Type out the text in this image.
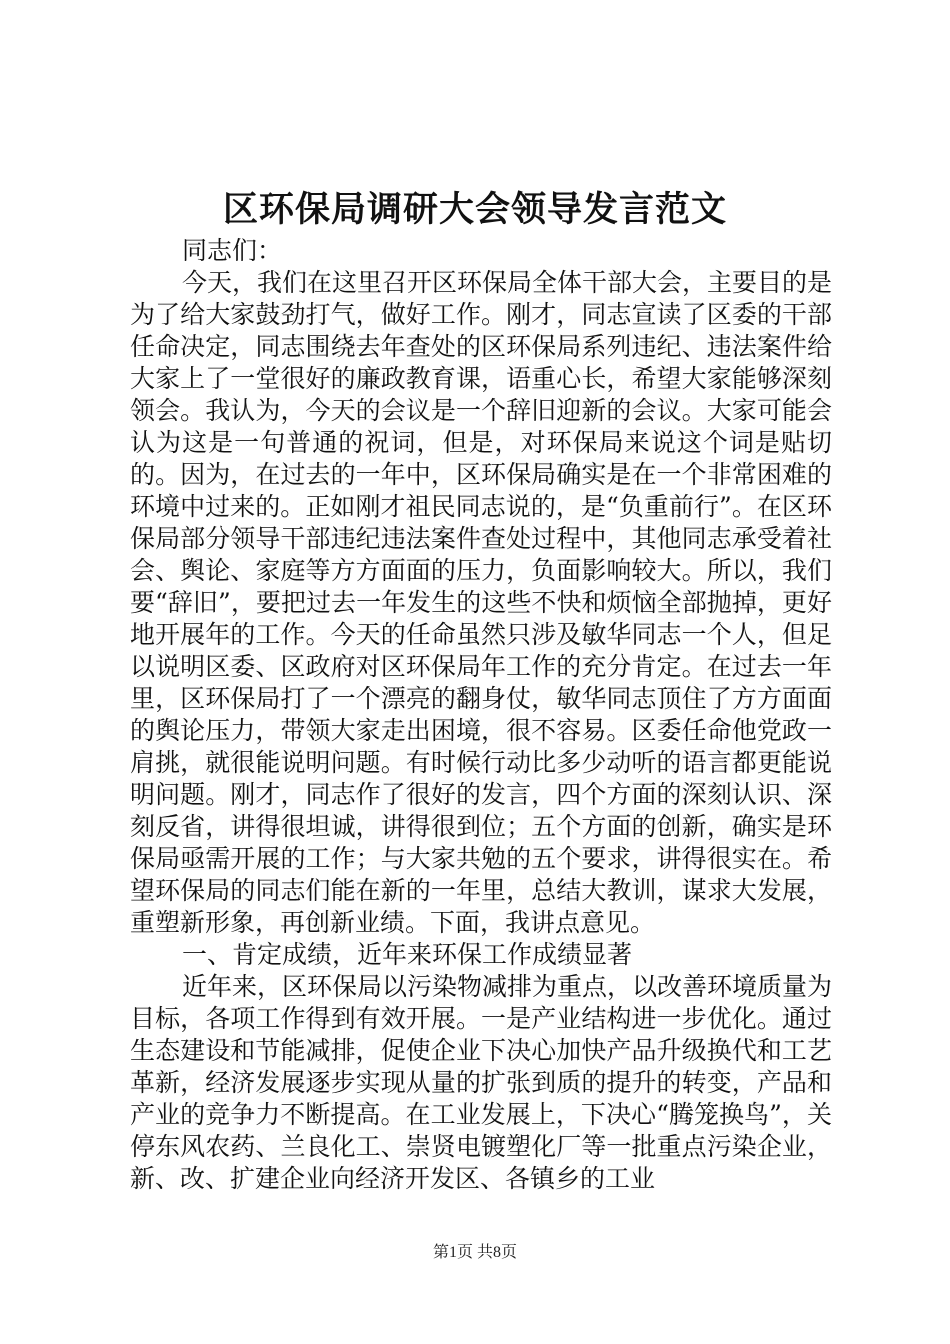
区环保局调研大会领导发言范文

同志们：

今天，我们在这里召开区环保局全体干部大会，主要目的是为了给大家鼓劲打气，做好工作。刚才，同志宣读了区委的干部任命决定，同志围绕去年查处的区环保局系列违纪、违法案件给大家上了一堂很好的廉政教育课，语重心长，希望大家能够深刻领会。我认为，今天的会议是一个辞旧迎新的会议。大家可能会认为这是一句普通的祝词，但是，对环保局来说这个词是贴切的。因为，在过去的一年中，区环保局确实是在一个非常困难的环境中过来的。正如刚才祖民同志说的，是“负重前行”。在区环保局部分领导干部违纪违法案件查处过程中，其他同志承受着社会、舆论、家庭等方方面面的压力，负面影响较大。所以，我们要“辞旧”，要把过去一年发生的这些不快和烦恼全部抛掉，更好地开展年的工作。今天的任命虽然只涉及敏华同志一个人，但足以说明区委、区政府对区环保局年工作的充分肯定。在过去一年里，区环保局打了一个漂亮的翻身仗，敏华同志顶住了方方面面的舆论压力，带领大家走出困境，很不容易。区委任命他党政一肩挑，就很能说明问题。有时候行动比多少动听的语言都更能说明问题。刚才，同志作了很好的发言，四个方面的深刻认识、深刻反省，讲得很坦诚，讲得很到位；五个方面的创新，确实是环保局亟需开展的工作；与大家共勉的五个要求，讲得很实在。希望环保局的同志们能在新的一年里，总结大教训，谋求大发展，重塑新形象，再创新业绩。下面，我讲点意见。

一、肯定成绩，近年来环保工作成绩显著

近年来，区环保局以污染物减排为重点，以改善环境质量为目标，各项工作得到有效开展。一是产业结构进一步优化。通过生态建设和节能减排，促使企业下决心加快产品升级换代和工艺革新，经济发展逐步实现从量的扩张到质的提升的转变，产品和产业的竞争力不断提高。在工业发展上，下决心“腾笼换鸟”，关停东风农药、兰良化工、崇贤电镀塑化厂等一批重点污染企业，新、改、扩建企业向经济开发区、各镇乡的工业

第1页 共8页
